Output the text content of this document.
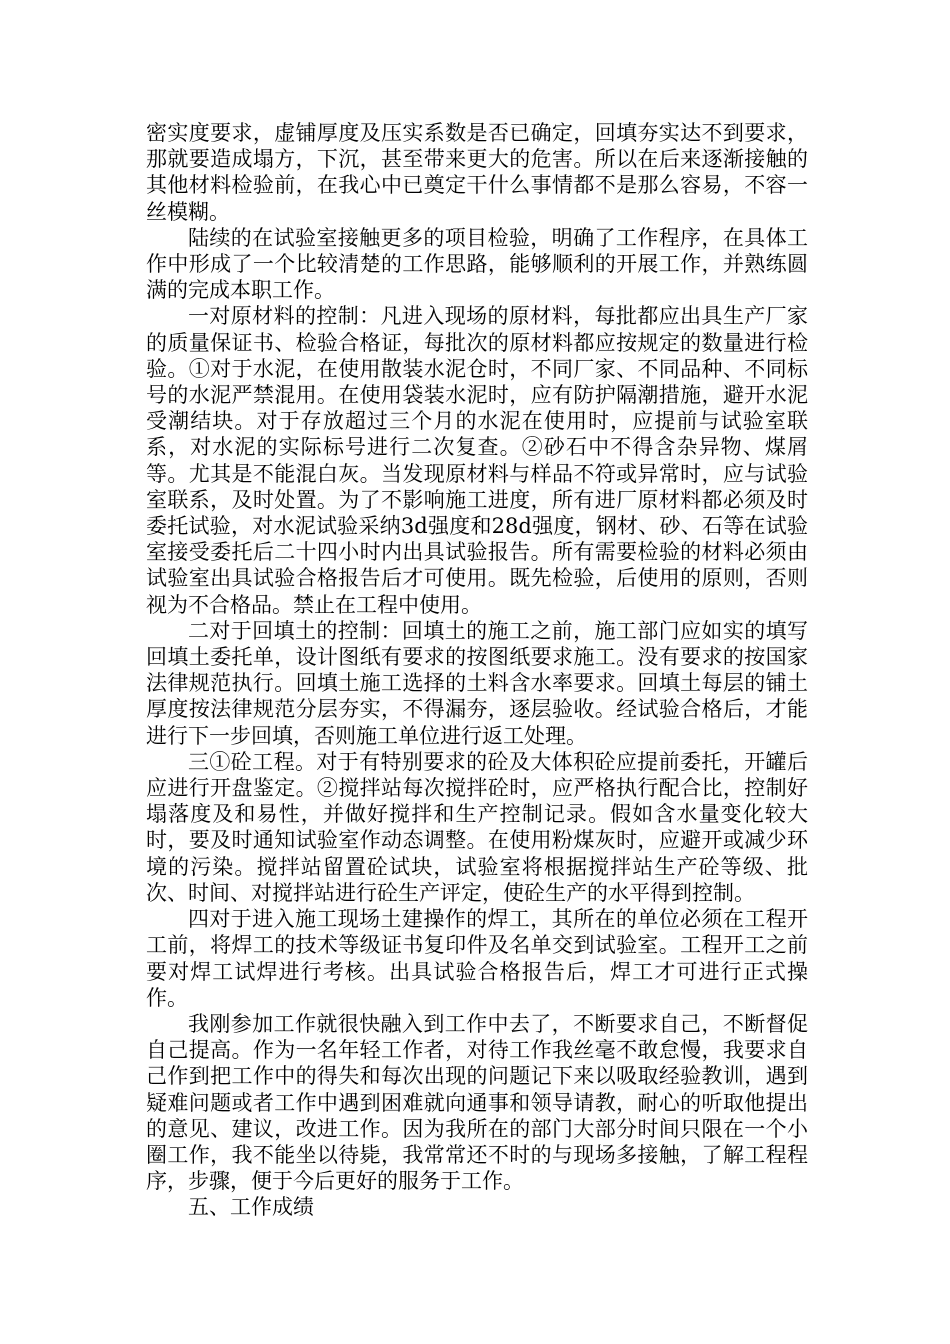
密实度要求，虚铺厚度及压实系数是否已确定，回填夯实达不到要求，那就要造成塌方，下沉，甚至带来更大的危害。所以在后来逐渐接触的其他材料检验前，在我心中已奠定干什么事情都不是那么容易，不容一丝模糊。

陆续的在试验室接触更多的项目检验，明确了工作程序，在具体工作中形成了一个比较清楚的工作思路，能够顺利的开展工作，并熟练圆满的完成本职工作。

一对原材料的控制：凡进入现场的原材料，每批都应出具生产厂家的质量保证书、检验合格证，每批次的原材料都应按规定的数量进行检验。①对于水泥，在使用散装水泥仓时，不同厂家、不同品种、不同标号的水泥严禁混用。在使用袋装水泥时，应有防护隔潮措施，避开水泥受潮结块。对于存放超过三个月的水泥在使用时，应提前与试验室联系，对水泥的实际标号进行二次复查。②砂石中不得含杂异物、煤屑等。尤其是不能混白灰。当发现原材料与样品不符或异常时，应与试验室联系，及时处置。为了不影响施工进度，所有进厂原材料都必须及时委托试验，对水泥试验采纳3d强度和28d强度，钢材、砂、石等在试验室接受委托后二十四小时内出具试验报告。所有需要检验的材料必须由试验室出具试验合格报告后才可使用。既先检验，后使用的原则，否则视为不合格品。禁止在工程中使用。

二对于回填土的控制：回填土的施工之前，施工部门应如实的填写回填土委托单，设计图纸有要求的按图纸要求施工。没有要求的按国家法律规范执行。回填土施工选择的土料含水率要求。回填土每层的铺土厚度按法律规范分层夯实，不得漏夯，逐层验收。经试验合格后，才能进行下一步回填，否则施工单位进行返工处理。

三①砼工程。对于有特别要求的砼及大体积砼应提前委托，开罐后应进行开盘鉴定。②搅拌站每次搅拌砼时，应严格执行配合比，控制好塌落度及和易性，并做好搅拌和生产控制记录。假如含水量变化较大时，要及时通知试验室作动态调整。在使用粉煤灰时，应避开或减少环境的污染。搅拌站留置砼试块，试验室将根据搅拌站生产砼等级、批次、时间、对搅拌站进行砼生产评定，使砼生产的水平得到控制。

四对于进入施工现场土建操作的焊工，其所在的单位必须在工程开工前，将焊工的技术等级证书复印件及名单交到试验室。工程开工之前要对焊工试焊进行考核。出具试验合格报告后，焊工才可进行正式操作。

我刚参加工作就很快融入到工作中去了，不断要求自己，不断督促自己提高。作为一名年轻工作者，对待工作我丝毫不敢怠慢，我要求自己作到把工作中的得失和每次出现的问题记下来以吸取经验教训，遇到疑难问题或者工作中遇到困难就向通事和领导请教，耐心的听取他提出的意见、建议，改进工作。因为我所在的部门大部分时间只限在一个小圈工作，我不能坐以待毙，我常常还不时的与现场多接触，了解工程程序，步骤，便于今后更好的服务于工作。

五、工作成绩
